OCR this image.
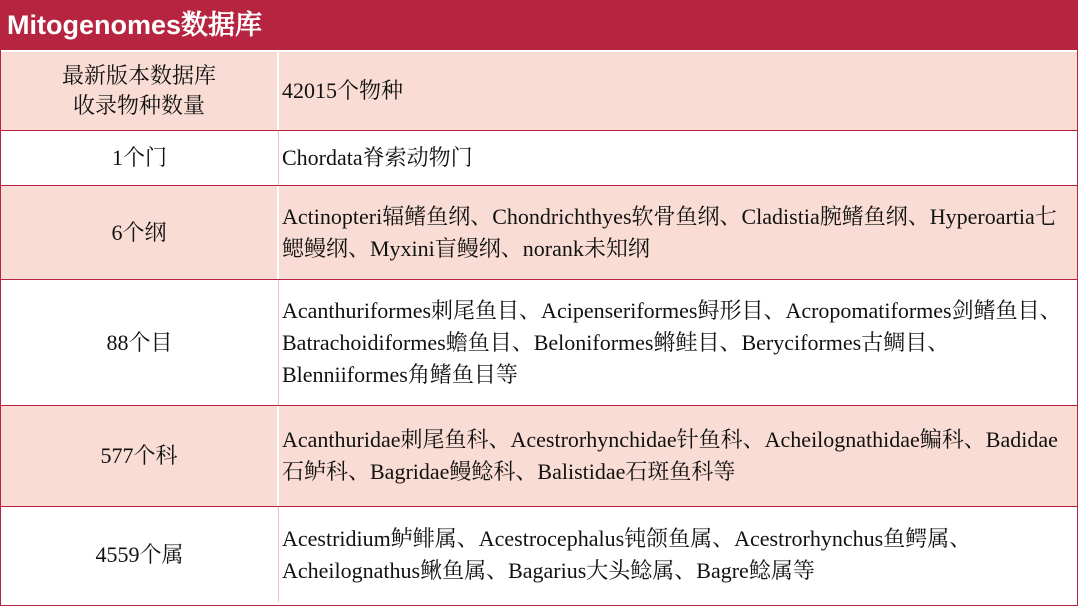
Mitogenomes数据库
最新版本数据库
收录物种数量
42015个物种
1个门	Chordata脊索动物门
6个纲
Actinopteri辐鳍鱼纲、Chondrichthyes软骨鱼纲、Cladistia腕鳍鱼纲、Hyperoartia七鳃鳗纲、Myxini盲鳗纲、norank未知纲
88个目
Acanthuriformes刺尾鱼目、Acipenseriformes鲟形目、Acropomatiformes剑鳍鱼目、Batrachoidiformes蟾鱼目、Beloniformes鳉鲑目、Beryciformes古鲷目、Blenniiformes角鳍鱼目等
577个科
Acanthuridae刺尾鱼科、Acestrorhynchidae针鱼科、Acheilognathidae鳊科、Badidae石鲈科、Bagridae鳗鲶科、Balistidae石斑鱼科等
4559个属
Acestridium鲈鲱属、Acestrocephalus钝颌鱼属、Acestrorhynchus鱼鳄属、Acheilognathus鳅鱼属、Bagarius大头鲶属、Bagre鲶属等
